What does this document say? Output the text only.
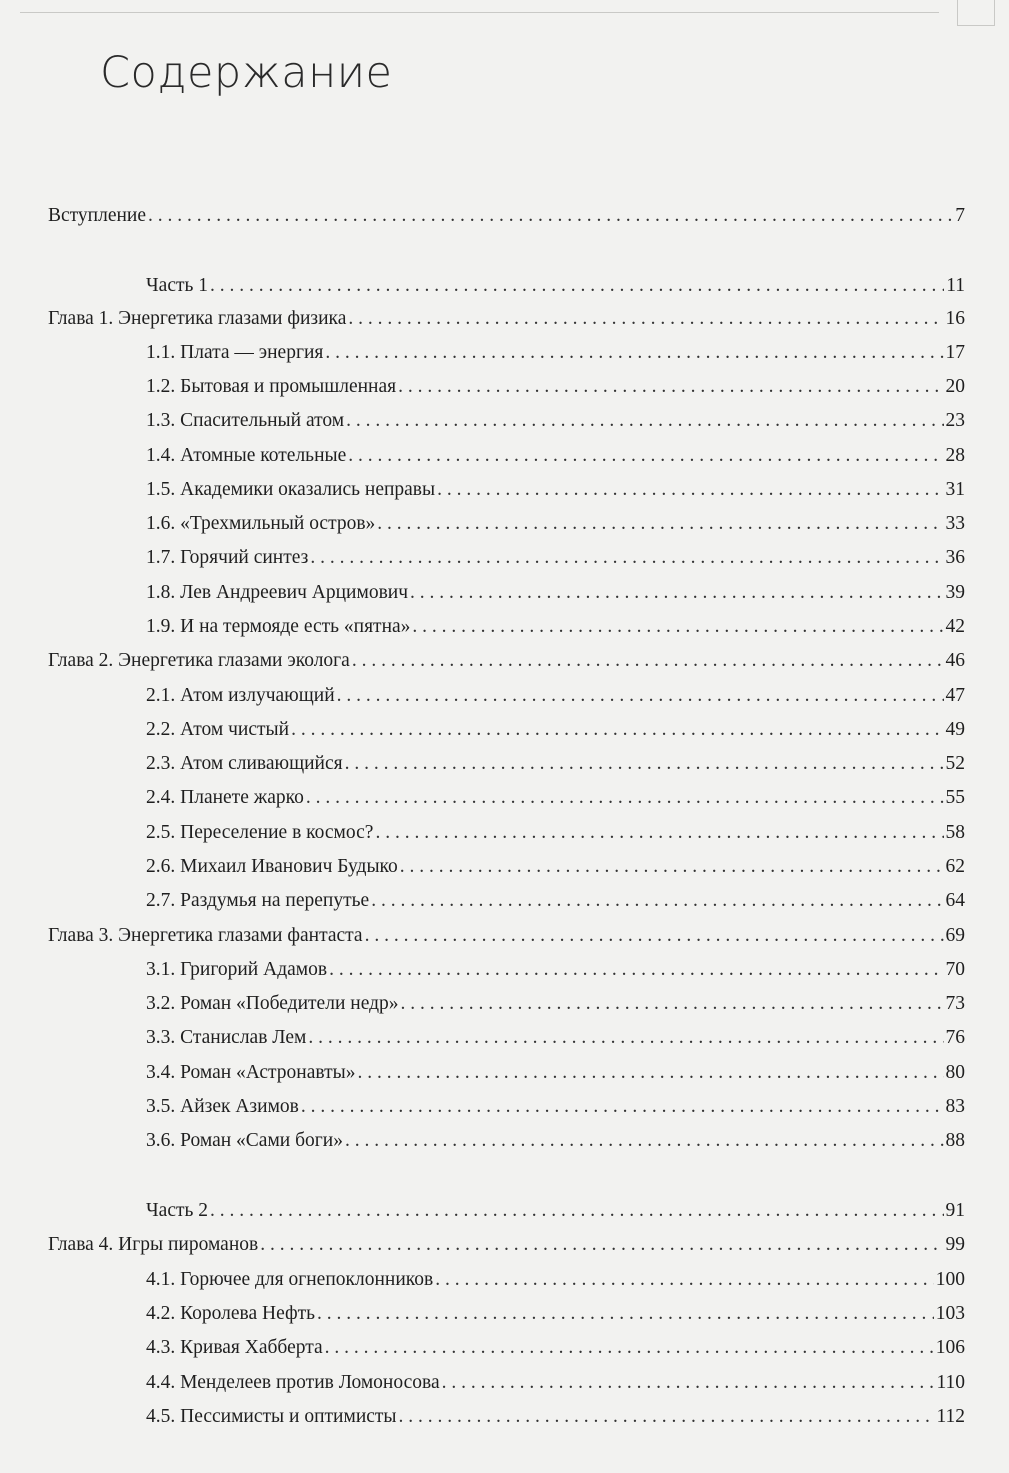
Содержание
Вступление . . .	7
Часть 1 . . .	11
Глава 1. Энергетика глазами физика . . .	16
1.1. Плата — энергия . . .	17
1.2. Бытовая и промышленная . . .	20
1.3. Спасительный атом . . .	23
1.4. Атомные котельные . . .	28
1.5. Академики оказались неправы . . .	31
1.6. «Трехмильный остров» . . .	33
1.7. Горячий синтез . . .	36
1.8. Лев Андреевич Арцимович . . .	39
1.9. И на термояде есть «пятна» . . .	42
Глава 2. Энергетика глазами эколога . . .	46
2.1. Атом излучающий . . .	47
2.2. Атом чистый . . .	49
2.3. Атом сливающийся . . .	52
2.4. Планете жарко . . .	55
2.5. Переселение в космос? . . .	58
2.6. Михаил Иванович Будыко . . .	62
2.7. Раздумья на перепутье . . .	64
Глава 3. Энергетика глазами фантаста . . .	69
3.1. Григорий Адамов . . .	70
3.2. Роман «Победители недр» . . .	73
3.3. Станислав Лем . . .	76
3.4. Роман «Астронавты» . . .	80
3.5. Айзек Азимов . . .	83
3.6. Роман «Сами боги» . . .	88
Часть 2 . . .	91
Глава 4. Игры пироманов . . .	99
4.1. Горючее для огнепоклонников . . .	100
4.2. Королева Нефть . . .	103
4.3. Кривая Хабберта . . .	106
4.4. Менделеев против Ломоносова . . .	110
4.5. Пессимисты и оптимисты . . .	112
